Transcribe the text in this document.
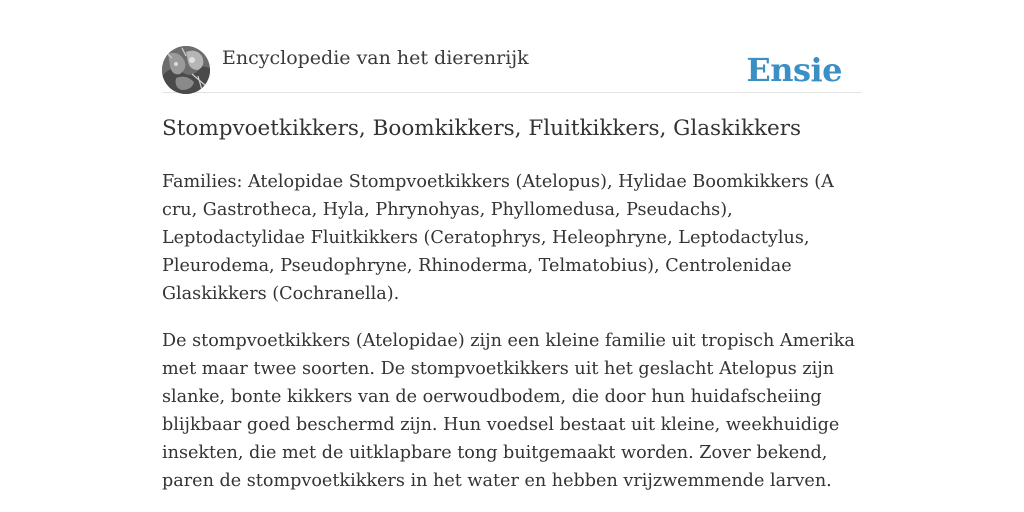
Encyclopedie van het dierenrijk	Ensie
Stompvoetkikkers, Boomkikkers, Fluitkikkers, Glaskikkers

Families: Atelopidae Stompvoetkikkers (Atelopus), Hylidae Boomkikkers (A cru, Gastrotheca, Hyla, Phrynohyas, Phyllomedusa, Pseudachs), Leptodactylidae Fluitkikkers (Ceratophrys, Heleophryne, Leptodactylus, Pleurodema, Pseudophryne, Rhinoderma, Telmatobius), Centrolenidae Glaskikkers (Cochranella).

De stompvoetkikkers (Atelopidae) zijn een kleine familie uit tropisch Amerika met maar twee soorten. De stompvoetkikkers uit het geslacht Atelopus zijn slanke, bonte kikkers van de oerwoudbodem, die door hun huidafscheiing blijkbaar goed beschermd zijn. Hun voedsel bestaat uit kleine, weekhuidige insekten, die met de uitklapbare tong buitgemaakt worden. Zover bekend, paren de stompvoetkikkers in het water en hebben vrijzwemmende larven.
